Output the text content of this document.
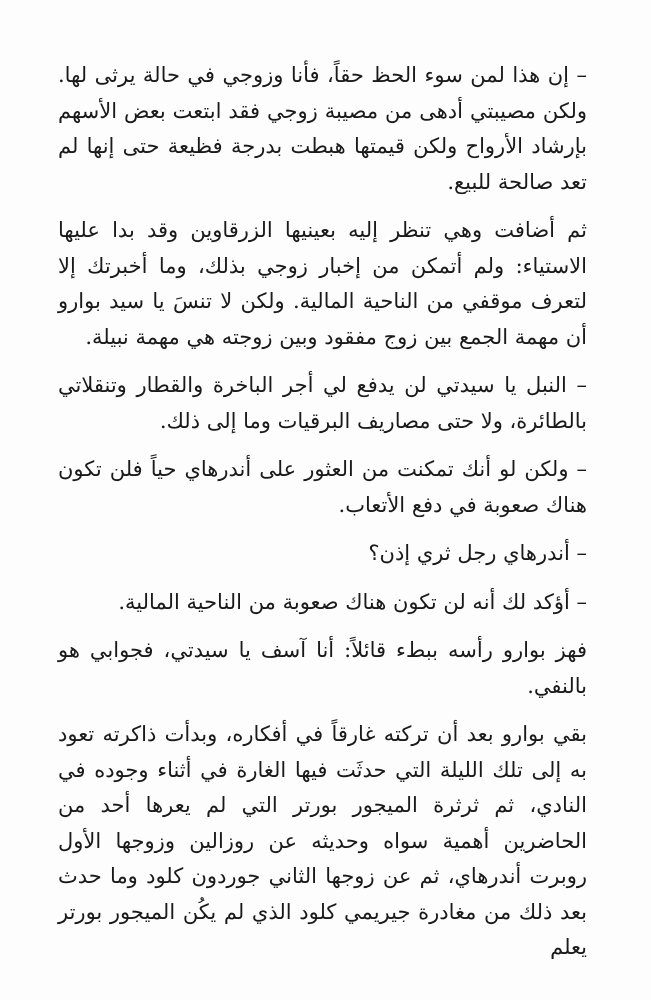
– إن هذا لمن سوء الحظ حقاً، فأنا وزوجي في حالة يرثى لها. ولكن مصيبتي أدهى من مصيبة زوجي فقد ابتعت بعض الأسهم بإرشاد الأرواح ولكن قيمتها هبطت بدرجة فظيعة حتى إنها لم تعد صالحة للبيع.

ثم أضافت وهي تنظر إليه بعينيها الزرقاوين وقد بدا عليها الاستياء: ولم أتمكن من إخبار زوجي بذلك، وما أخبرتك إلا لتعرف موقفي من الناحية المالية. ولكن لا تنسَ يا سيد بوارو أن مهمة الجمع بين زوج مفقود وبين زوجته هي مهمة نبيلة.

– النبل يا سيدتي لن يدفع لي أجر الباخرة والقطار وتنقلاتي بالطائرة، ولا حتى مصاريف البرقيات وما إلى ذلك.

– ولكن لو أنك تمكنت من العثور على أندرهاي حياً فلن تكون هناك صعوبة في دفع الأتعاب.

– أندرهاي رجل ثري إذن؟

– أؤكد لك أنه لن تكون هناك صعوبة من الناحية المالية.

فهز بوارو رأسه ببطء قائلاً: أنا آسف يا سيدتي، فجوابي هو بالنفي.

بقي بوارو بعد أن تركته غارقاً في أفكاره، وبدأت ذاكرته تعود به إلى تلك الليلة التي حدثَت فيها الغارة في أثناء وجوده في النادي، ثم ثرثرة الميجور بورتر التي لم يعرها أحد من الحاضرين أهمية سواه وحديثه عن روزالين وزوجها الأول روبرت أندرهاي، ثم عن زوجها الثاني جوردون كلود وما حدث بعد ذلك من مغادرة جيريمي كلود الذي لم يكُن الميجور بورتر يعلم
